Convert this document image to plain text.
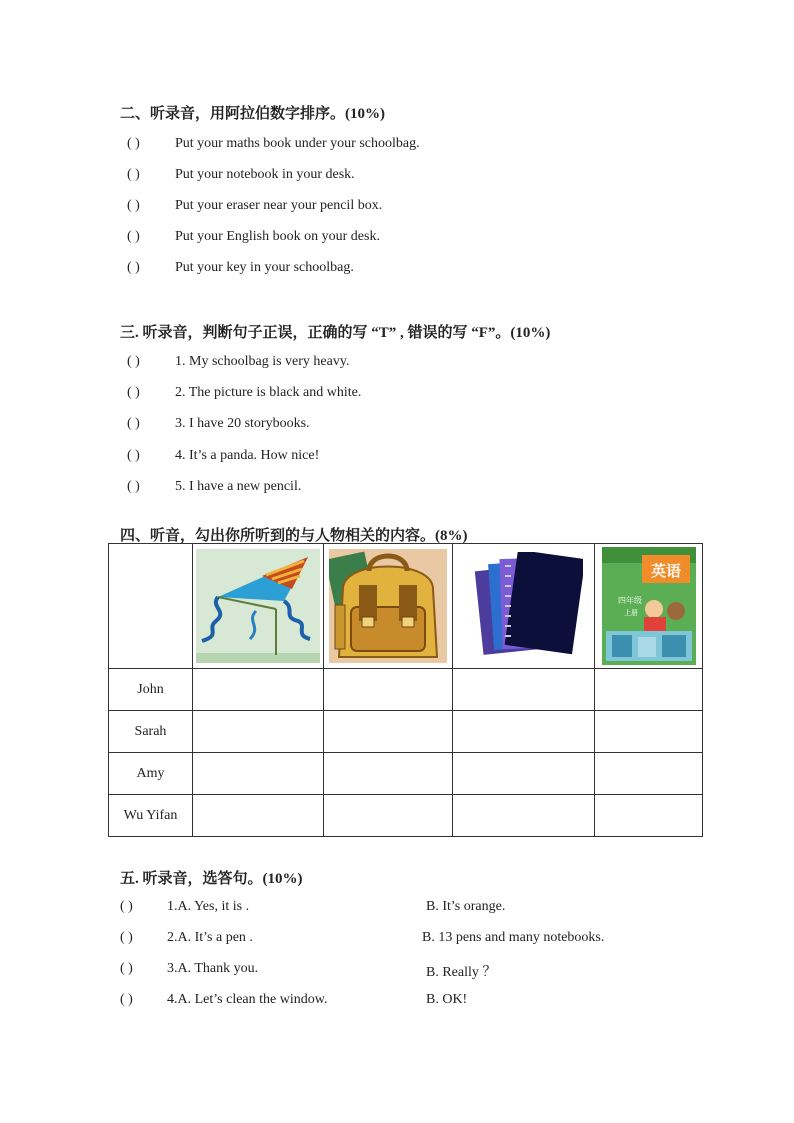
二、听录音，用阿拉伯数字排序。(10%)
( )	Put your maths book under your schoolbag.
( )	Put your notebook in your desk.
( )	Put your eraser near your pencil box.
( )	Put your English book on your desk.
( )	Put your key in your schoolbag.
三. 听录音，判断句子正误，正确的写 “T” , 错误的写 “F”。(10%)
( )	1. My schoolbag is very heavy.
( )	2. The picture is black and white.
( )	3. I have 20 storybooks.
( )	4. It’s a panda. How nice!
( )	5. I have a new pencil.
四、听音，勾出你所听到的与人物相关的内容。(8%)

英语
四年级
上册

John				
Sarah				
Amy				
Wu Yifan				
五. 听录音，选答句。(10%)
( ) 1.A. Yes, it is .	B. It’s orange.
( ) 2.A. It’s a pen .	B. 13 pens and many notebooks.
( ) 3.A. Thank you.	B. Really ？
( ) 4.A. Let’s clean the window.	B. OK!
